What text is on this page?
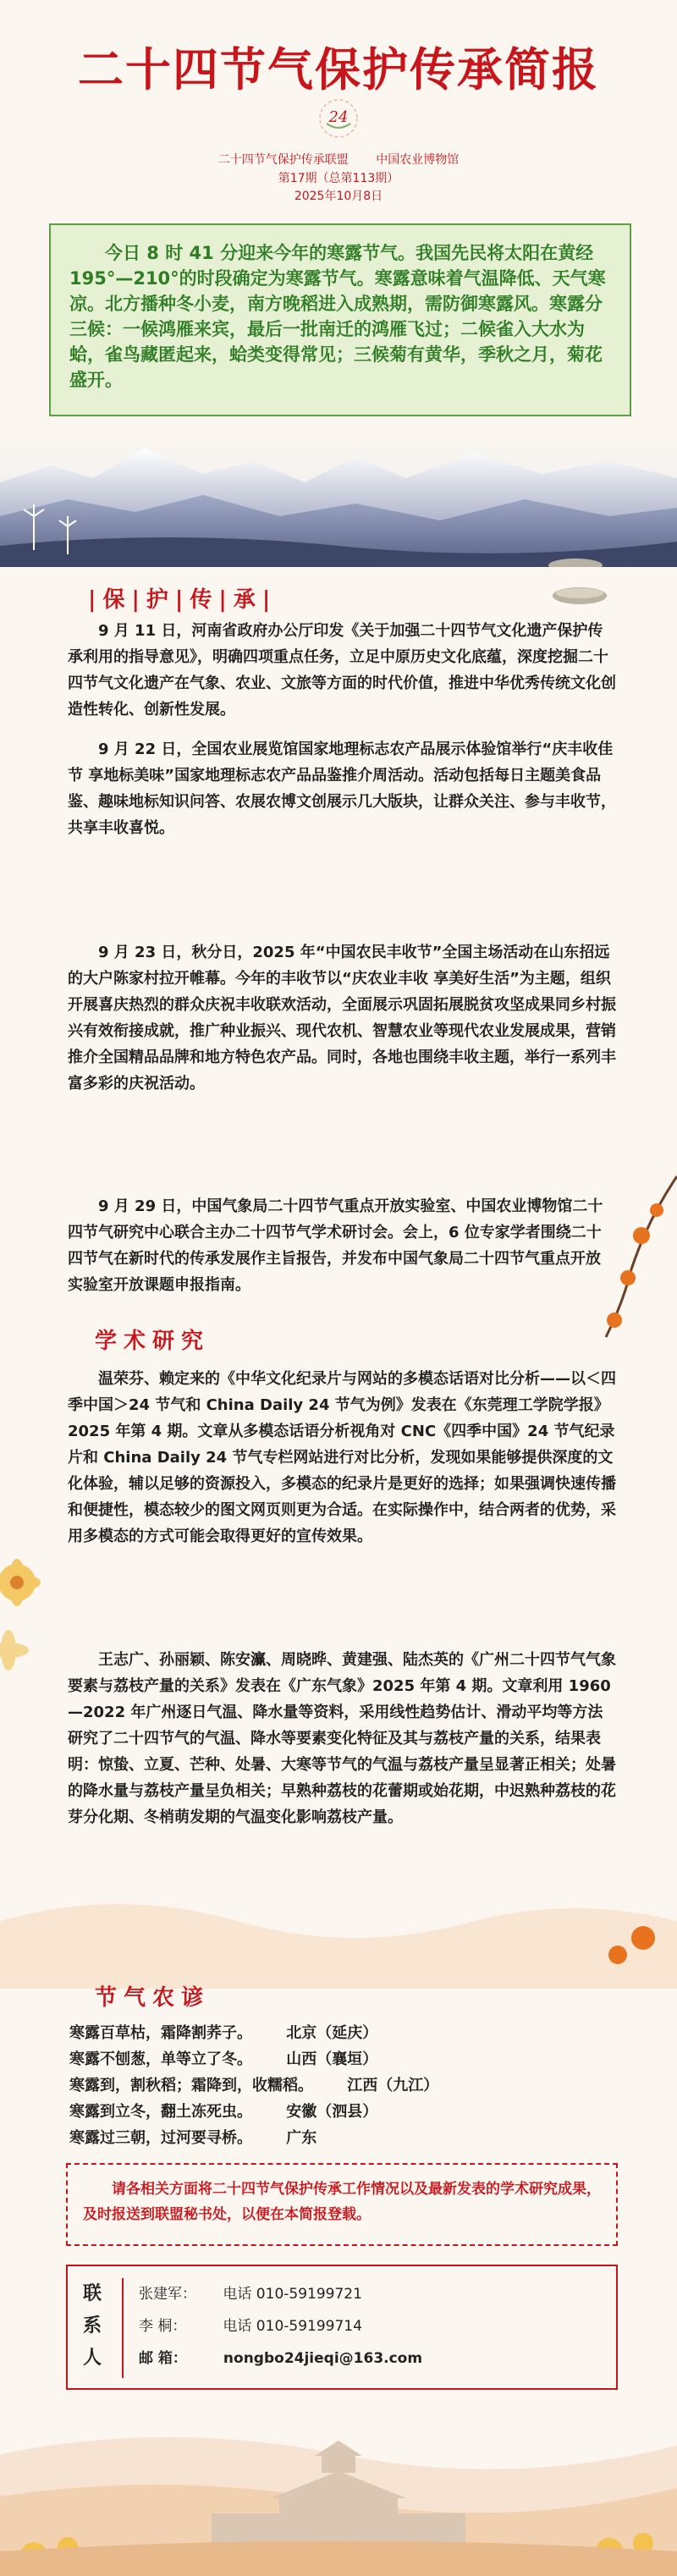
二十四节气保护传承简报
24
二十四节气保护传承联盟 中国农业博物馆
第17期（总第113期）
2025年10月8日

今日 8 时 41 分迎来今年的寒露节气。我国先民将太阳在黄经 195°—210°的时段确定为寒露节气。寒露意味着气温降低、天气寒凉。北方播种冬小麦，南方晚稻进入成熟期，需防御寒露风。寒露分三候：一候鸿雁来宾，最后一批南迁的鸿雁飞过；二候雀入大水为蛤，雀鸟藏匿起来，蛤类变得常见；三候菊有黄华，季秋之月，菊花盛开。

|保|护|传|承|
9 月 11 日，河南省政府办公厅印发《关于加强二十四节气文化遗产保护传承利用的指导意见》，明确四项重点任务，立足中原历史文化底蕴，深度挖掘二十四节气文化遗产在气象、农业、文旅等方面的时代价值，推进中华优秀传统文化创造性转化、创新性发展。
9 月 22 日，全国农业展览馆国家地理标志农产品展示体验馆举行“庆丰收佳节 享地标美味”国家地理标志农产品品鉴推介周活动。活动包括每日主题美食品鉴、趣味地标知识问答、农展农博文创展示几大版块，让群众关注、参与丰收节，共享丰收喜悦。
9 月 23 日，秋分日，2025 年“中国农民丰收节”全国主场活动在山东招远的大户陈家村拉开帷幕。今年的丰收节以“庆农业丰收 享美好生活”为主题，组织开展喜庆热烈的群众庆祝丰收联欢活动，全面展示巩固拓展脱贫攻坚成果同乡村振兴有效衔接成就，推广种业振兴、现代农机、智慧农业等现代农业发展成果，营销推介全国精品品牌和地方特色农产品。同时，各地也围绕丰收主题，举行一系列丰富多彩的庆祝活动。
9 月 29 日，中国气象局二十四节气重点开放实验室、中国农业博物馆二十四节气研究中心联合主办二十四节气学术研讨会。会上，6 位专家学者围绕二十四节气在新时代的传承发展作主旨报告，并发布中国气象局二十四节气重点开放实验室开放课题申报指南。
学术研究
温荣芬、赖定来的《中华文化纪录片与网站的多模态话语对比分析——以＜四季中国＞24 节气和 China Daily 24 节气为例》发表在《东莞理工学院学报》2025 年第 4 期。文章从多模态话语分析视角对 CNC《四季中国》24 节气纪录片和 China Daily 24 节气专栏网站进行对比分析，发现如果能够提供深度的文化体验，辅以足够的资源投入，多模态的纪录片是更好的选择；如果强调快速传播和便捷性，模态较少的图文网页则更为合适。在实际操作中，结合两者的优势，采用多模态的方式可能会取得更好的宣传效果。
王志广、孙丽颖、陈安灜、周晓晔、黄建强、陆杰英的《广州二十四节气气象要素与荔枝产量的关系》发表在《广东气象》2025 年第 4 期。文章利用 1960—2022 年广州逐日气温、降水量等资料，采用线性趋势估计、滑动平均等方法研究了二十四节气的气温、降水等要素变化特征及其与荔枝产量的关系，结果表明：惊蛰、立夏、芒种、处暑、大寒等节气的气温与荔枝产量呈显著正相关；处暑的降水量与荔枝产量呈负相关；早熟种荔枝的花蕾期或始花期，中迟熟种荔枝的花芽分化期、冬梢萌发期的气温变化影响荔枝产量。
节气农谚
寒露百草枯，霜降割荞子。 北京（延庆）
寒露不刨葱，单等立了冬。 山西（襄垣）
寒露到，割秋稻；霜降到，收糯稻。 江西（九江）
寒露到立冬，翻土冻死虫。 安徽（泗县）
寒露过三朝，过河要寻桥。 广东
请各相关方面将二十四节气保护传承工作情况以及最新发表的学术研究成果，及时报送到联盟秘书处，以便在本简报登载。
联系人
张建军： 电话 010-59199721
李 桐：	电话 010-59199714
邮 箱：	nongbo24jieqi@163.com
